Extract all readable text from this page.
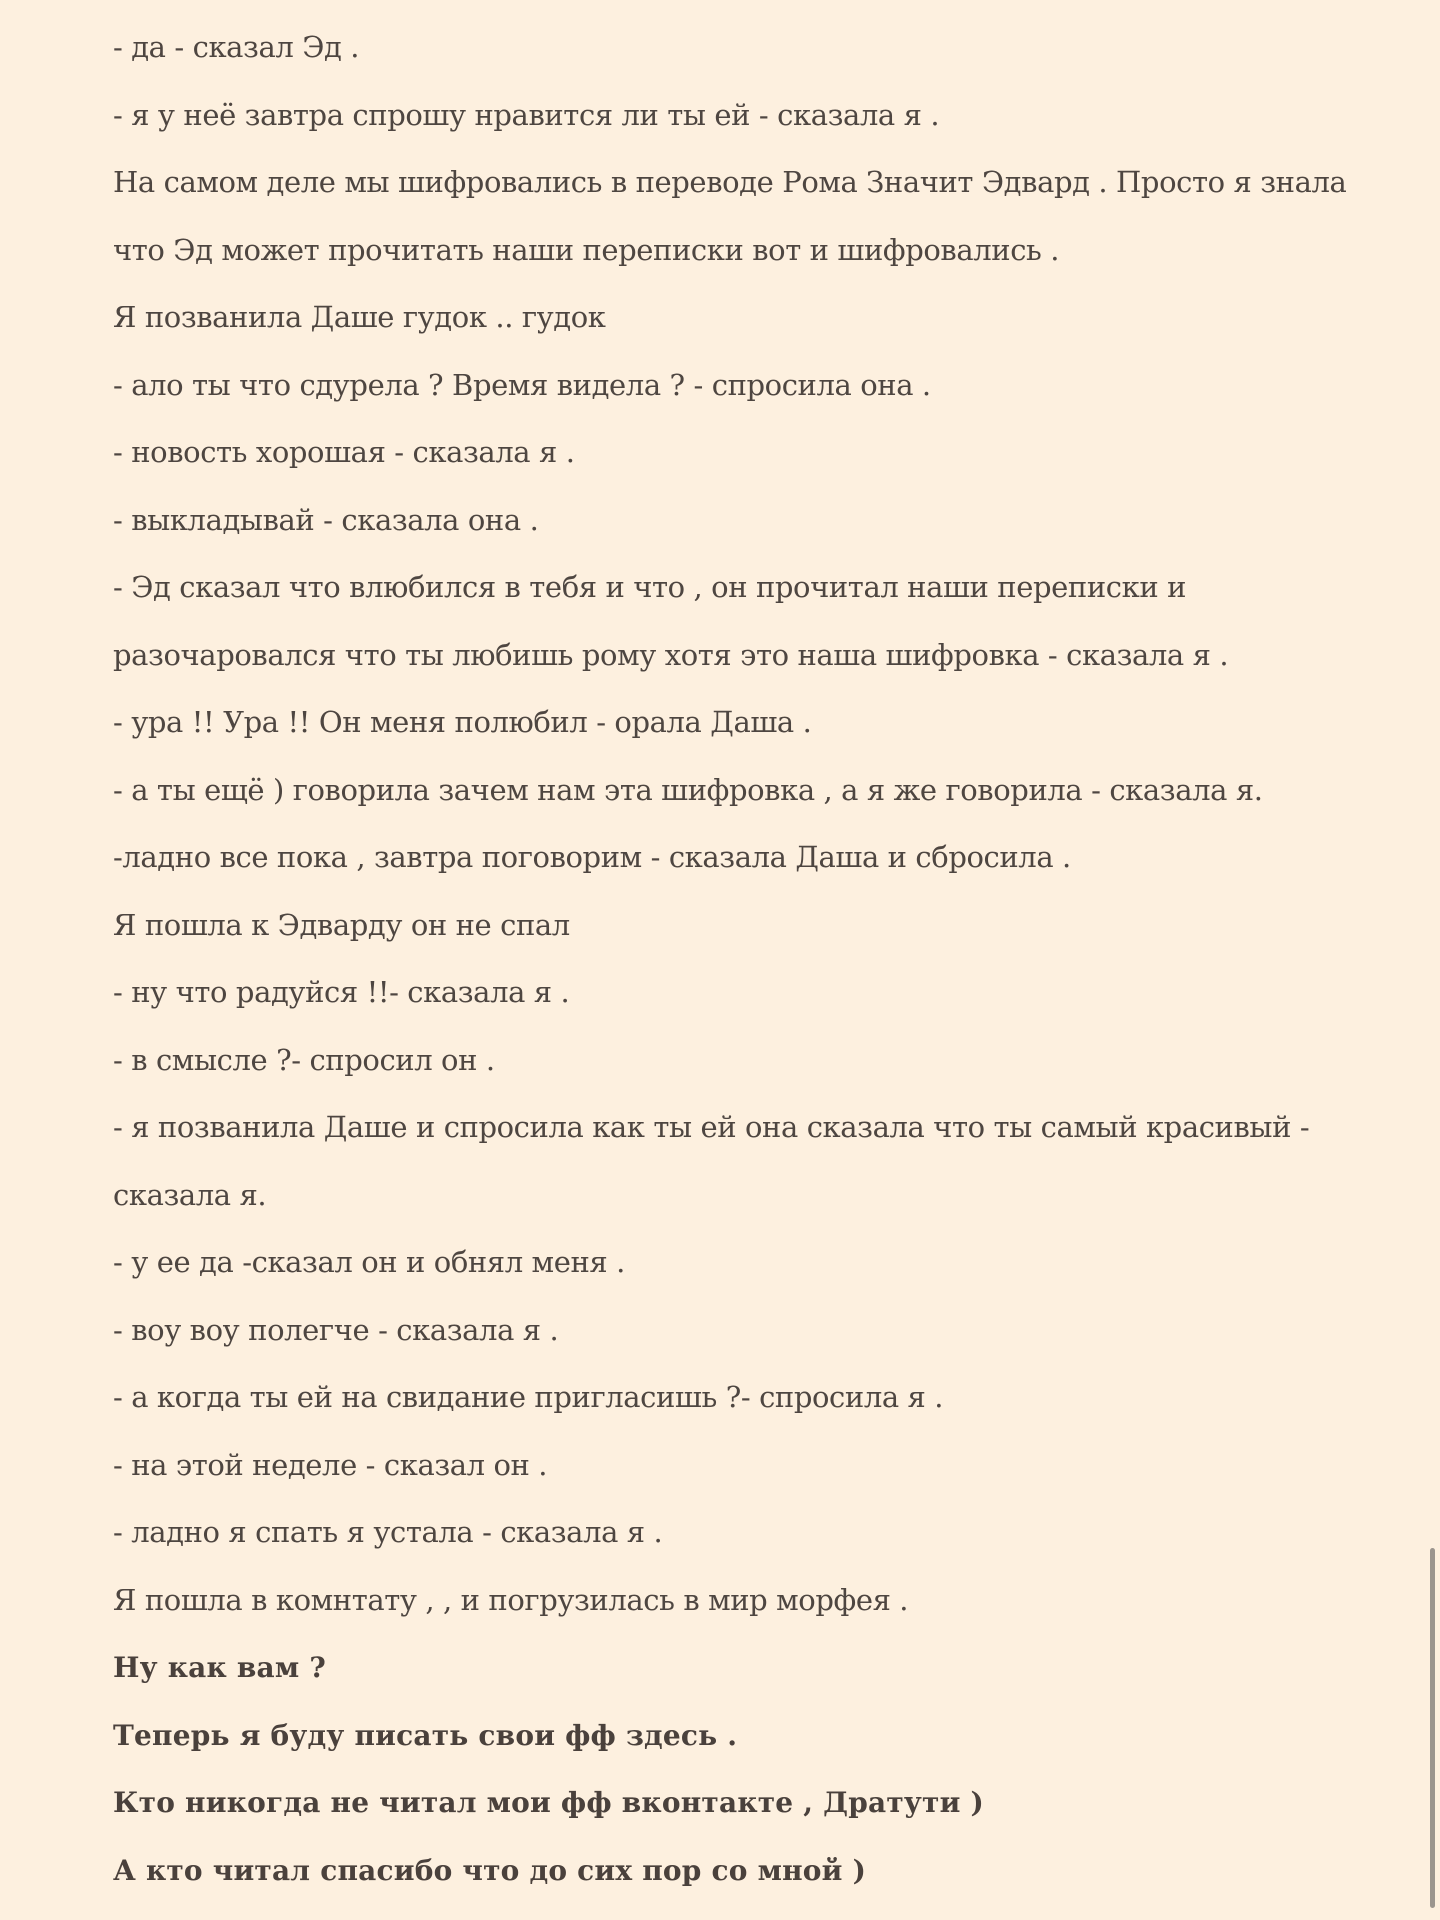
- да - сказал Эд .
- я у неё завтра спрошу нравится ли ты ей - сказала я .
На самом деле мы шифровались в переводе Рома Значит Эдвард . Просто я знала
что Эд может прочитать наши переписки вот и шифровались .
Я позванила Даше гудок .. гудок
- ало ты что сдурела ? Время видела ? - спросила она .
- новость хорошая - сказала я .
- выкладывай - сказала она .
- Эд сказал что влюбился в тебя и что , он прочитал наши переписки и
разочаровался что ты любишь рому хотя это наша шифровка - сказала я .
- ура !! Ура !! Он меня полюбил - орала Даша .
- а ты ещё ) говорила зачем нам эта шифровка , а я же говорила - сказала я.
-ладно все пока , завтра поговорим - сказала Даша и сбросила .
Я пошла к Эдварду он не спал
- ну что радуйся !!- сказала я .
- в смысле ?- спросил он .
- я позванила Даше и спросила как ты ей она сказала что ты самый красивый -
сказала я.
- у ее да -сказал он и обнял меня .
- воу воу полегче - сказала я .
- а когда ты ей на свидание пригласишь ?- спросила я .
- на этой неделе - сказал он .
- ладно я спать я устала - сказала я .
Я пошла в комнтату , , и погрузилась в мир морфея .
Ну как вам ?
Теперь я буду писать свои фф здесь .
Кто никогда не читал мои фф вконтакте , Дратути )
А кто читал спасибо что до сих пор со мной )
